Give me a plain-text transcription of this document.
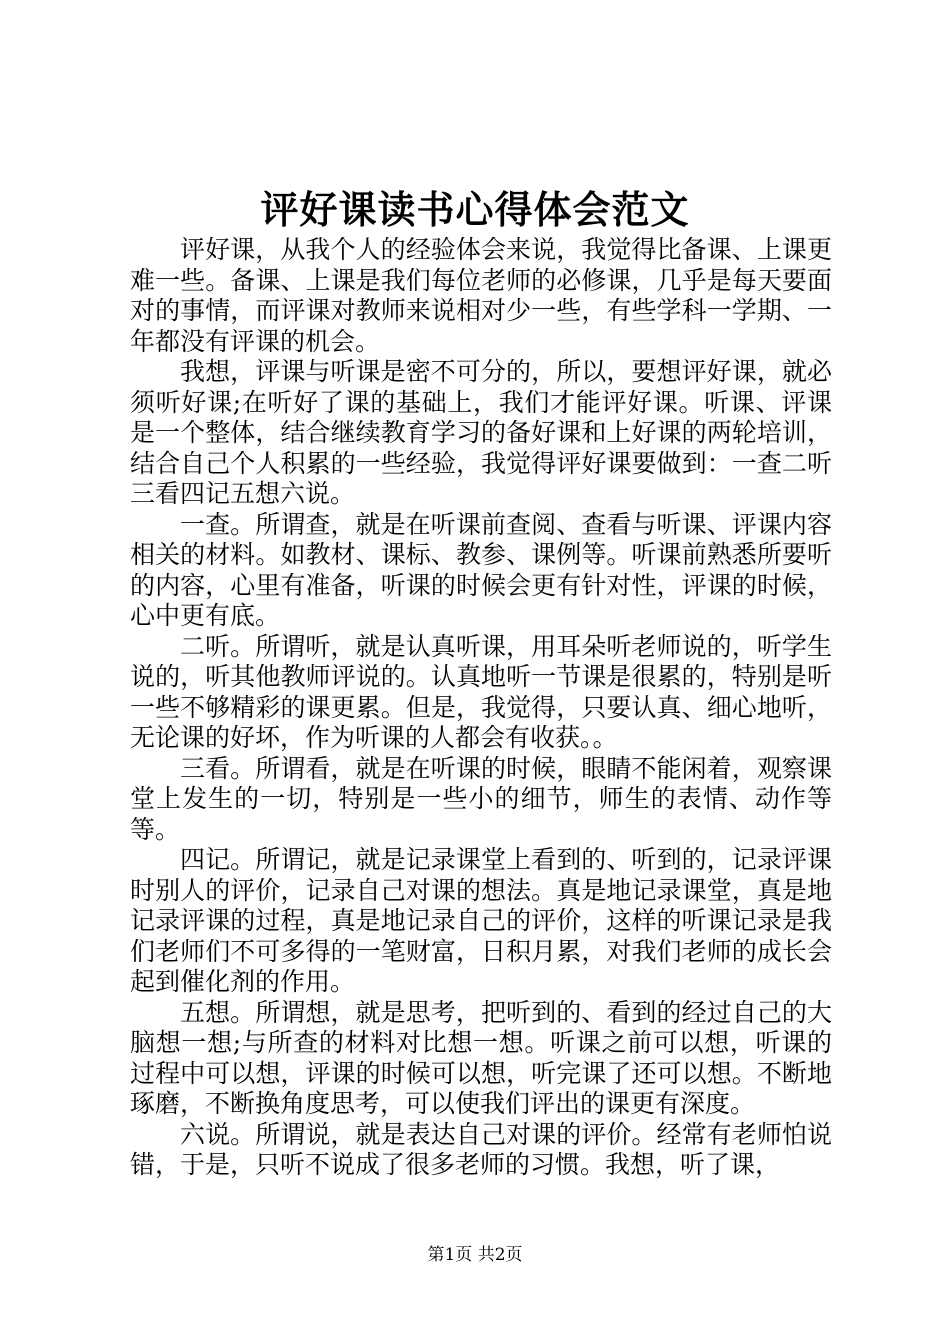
评好课读书心得体会范文

评好课，从我个人的经验体会来说，我觉得比备课、上课更难一些。备课、上课是我们每位老师的必修课，几乎是每天要面对的事情，而评课对教师来说相对少一些，有些学科一学期、一年都没有评课的机会。

我想，评课与听课是密不可分的，所以，要想评好课，就必须听好课;在听好了课的基础上，我们才能评好课。听课、评课是一个整体，结合继续教育学习的备好课和上好课的两轮培训，结合自己个人积累的一些经验，我觉得评好课要做到：一查二听三看四记五想六说。

一查。所谓查，就是在听课前查阅、查看与听课、评课内容相关的材料。如教材、课标、教参、课例等。听课前熟悉所要听的内容，心里有准备，听课的时候会更有针对性，评课的时候，心中更有底。

二听。所谓听，就是认真听课，用耳朵听老师说的，听学生说的，听其他教师评说的。认真地听一节课是很累的，特别是听一些不够精彩的课更累。但是，我觉得，只要认真、细心地听，无论课的好坏，作为听课的人都会有收获。。

三看。所谓看，就是在听课的时候，眼睛不能闲着，观察课堂上发生的一切，特别是一些小的细节，师生的表情、动作等等。

四记。所谓记，就是记录课堂上看到的、听到的，记录评课时别人的评价，记录自己对课的想法。真是地记录课堂，真是地记录评课的过程，真是地记录自己的评价，这样的听课记录是我们老师们不可多得的一笔财富，日积月累，对我们老师的成长会起到催化剂的作用。

五想。所谓想，就是思考，把听到的、看到的经过自己的大脑想一想;与所查的材料对比想一想。听课之前可以想，听课的过程中可以想，评课的时候可以想，听完课了还可以想。不断地琢磨，不断换角度思考，可以使我们评出的课更有深度。

六说。所谓说，就是表达自己对课的评价。经常有老师怕说错，于是，只听不说成了很多老师的习惯。我想，听了课，

第1页 共2页
